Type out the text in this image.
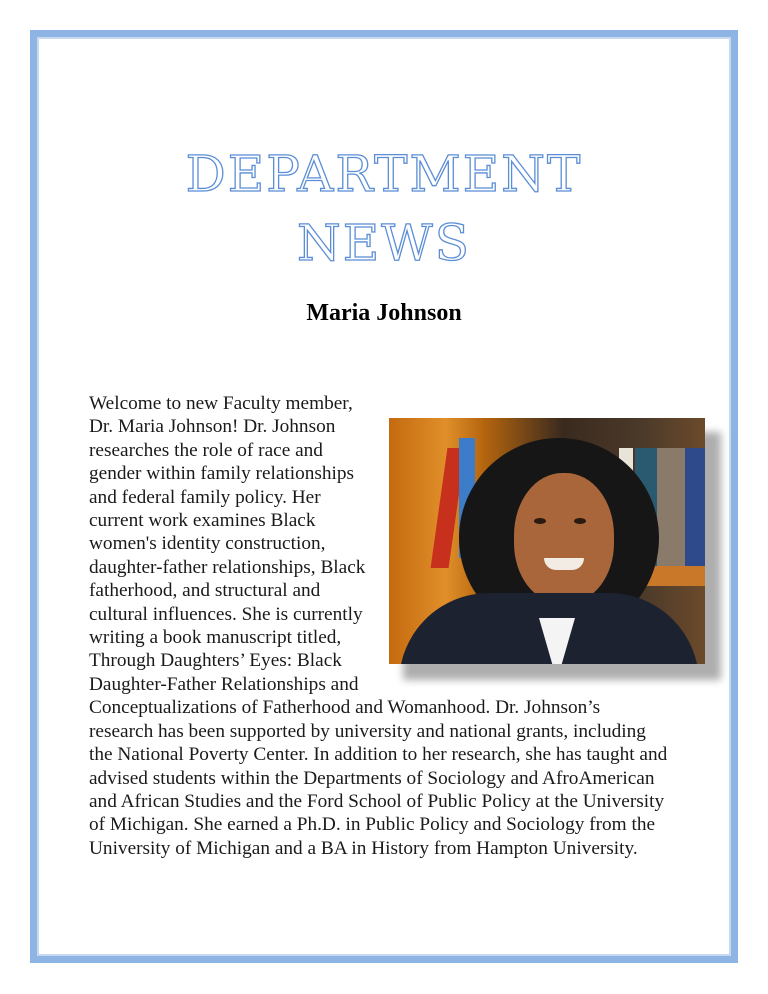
DEPARTMENT
NEWS
Maria Johnson
Welcome to new Faculty member, Dr. Maria Johnson! Dr. Johnson researches the role of race and gender within family relationships and federal family policy. Her current work examines Black women's identity construction, daughter-father relationships, Black fatherhood, and structural and cultural influences. She is currently writing a book manuscript titled, Through Daughters’ Eyes: Black Daughter-Father Relationships and Conceptualizations of Fatherhood and Womanhood. Dr. Johnson’s research has been supported by university and national grants, including the National Poverty Center. In addition to her research, she has taught and advised students within the Departments of Sociology and AfroAmerican and African Studies and the Ford School of Public Policy at the University of Michigan. She earned a Ph.D. in Public Policy and Sociology from the University of Michigan and a BA in History from Hampton University.
